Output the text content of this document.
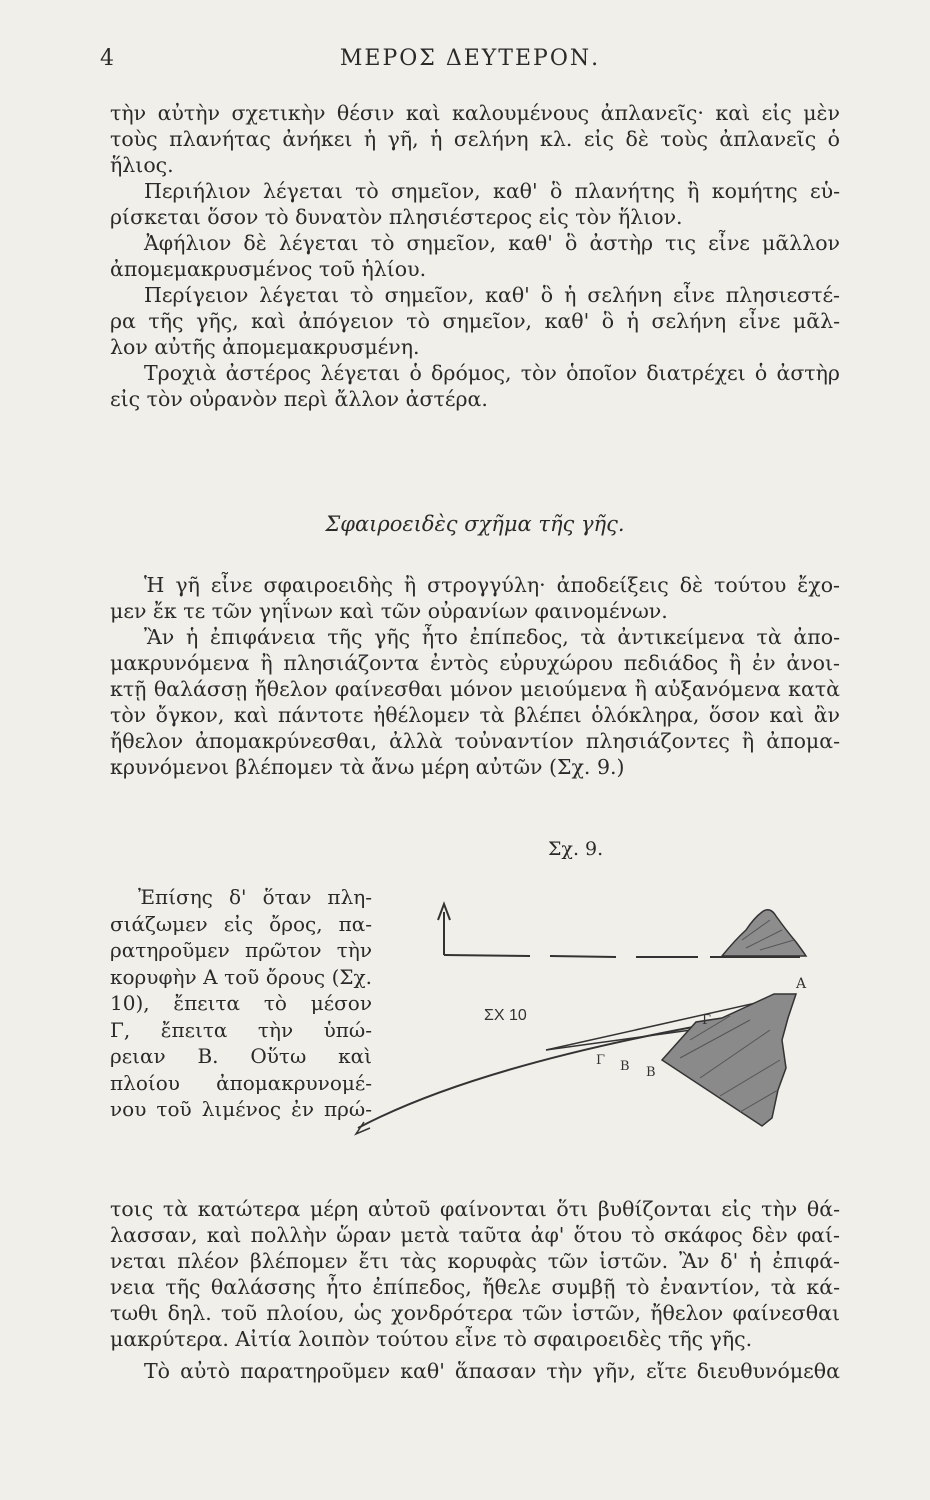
4	ΜΕΡΟΣ ΔΕΥΤΕΡΟΝ.
τὴν αὐτὴν σχετικὴν θέσιν καὶ καλουμένους ἀπλανεῖς· καὶ εἰς μὲν
τοὺς πλανήτας ἀνήκει ἡ γῆ, ἡ σελήνη κλ. εἰς δὲ τοὺς ἀπλανεῖς ὁ
ἥλιος.
Περιήλιον λέγεται τὸ σημεῖον, καθ' ὃ πλανήτης ἢ κομήτης εὑ-
ρίσκεται ὅσον τὸ δυνατὸν πλησιέστερος εἰς τὸν ἥλιον.
Ἀφήλιον δὲ λέγεται τὸ σημεῖον, καθ' ὃ ἀστὴρ τις εἶνε μᾶλλον
ἀπομεμακρυσμένος τοῦ ἡλίου.
Περίγειον λέγεται τὸ σημεῖον, καθ' ὃ ἡ σελήνη εἶνε πλησιεστέ-
ρα τῆς γῆς, καὶ ἀπόγειον τὸ σημεῖον, καθ' ὃ ἡ σελήνη εἶνε μᾶλ-
λον αὐτῆς ἀπομεμακρυσμένη.
Τροχιὰ ἀστέρος λέγεται ὁ δρόμος, τὸν ὁποῖον διατρέχει ὁ ἀστὴρ
εἰς τὸν οὐρανὸν περὶ ἄλλον ἀστέρα.
Σφαιροειδὲς σχῆμα τῆς γῆς.
Ἡ γῆ εἶνε σφαιροειδὴς ἢ στρογγύλη· ἀποδείξεις δὲ τούτου ἔχο-
μεν ἔκ τε τῶν γηΐνων καὶ τῶν οὐρανίων φαινομένων.
Ἂν ἡ ἐπιφάνεια τῆς γῆς ἦτο ἐπίπεδος, τὰ ἀντικείμενα τὰ ἀπο-
μακρυνόμενα ἢ πλησιάζοντα ἐντὸς εὐρυχώρου πεδιάδος ἢ ἐν ἀνοι-
κτῇ θαλάσσῃ ἤθελον φαίνεσθαι μόνον μειούμενα ἢ αὐξανόμενα κατὰ
τὸν ὄγκον, καὶ πάντοτε ἠθέλομεν τὰ βλέπει ὁλόκληρα, ὅσον καὶ ἂν
ἤθελον ἀπομακρύνεσθαι, ἀλλὰ τοὐναντίον πλησιάζοντες ἢ ἀπομα-
κρυνόμενοι βλέπομεν τὰ ἄνω μέρη αὐτῶν (Σχ. 9.)
Σχ. 9.
Ἐπίσης δ' ὅταν πλη-
σιάζωμεν εἰς ὄρος, πα-
ρατηροῦμεν πρῶτον τὴν
κορυφὴν Α τοῦ ὄρους (Σχ.
10), ἔπειτα τὸ μέσον
Γ, ἔπειτα τὴν ὑπώ-
ρειαν Β. Οὕτω καὶ
πλοίου ἀπομακρυνομέ-
νου τοῦ λιμένος ἐν πρώ-
ΣΧ 10
A
Γ
Γ B B
τοις τὰ κατώτερα μέρη αὐτοῦ φαίνονται ὅτι βυθίζονται εἰς τὴν θά-
λασσαν, καὶ πολλὴν ὥραν μετὰ ταῦτα ἀφ' ὅτου τὸ σκάφος δὲν φαί-
νεται πλέον βλέπομεν ἔτι τὰς κορυφὰς τῶν ἱστῶν. Ἂν δ' ἡ ἐπιφά-
νεια τῆς θαλάσσης ἦτο ἐπίπεδος, ἤθελε συμβῇ τὸ ἐναντίον, τὰ κά-
τωθι δηλ. τοῦ πλοίου, ὡς χονδρότερα τῶν ἱστῶν, ἤθελον φαίνεσθαι
μακρύτερα. Αἰτία λοιπὸν τούτου εἶνε τὸ σφαιροειδὲς τῆς γῆς.
Τὸ αὐτὸ παρατηροῦμεν καθ' ἅπασαν τὴν γῆν, εἴτε διευθυνόμεθα
